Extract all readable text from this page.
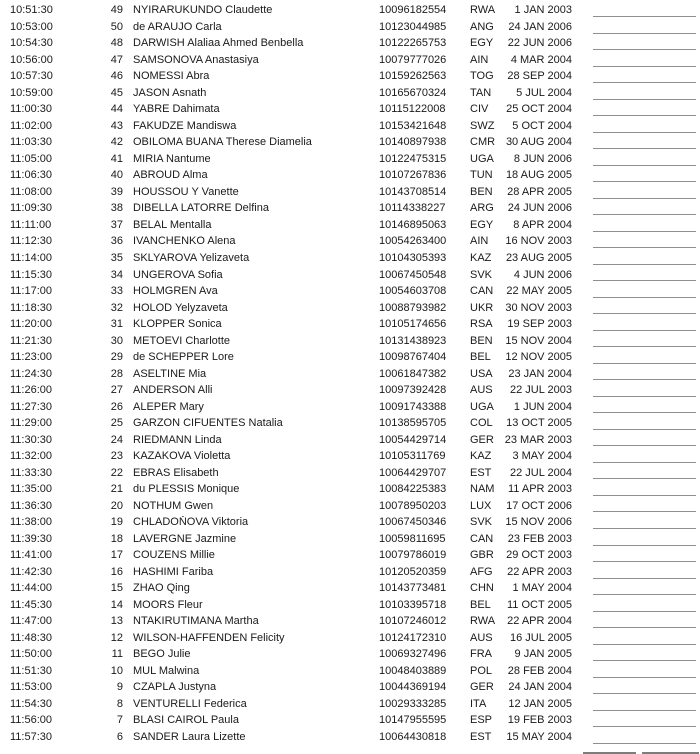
10:51:30	49 NYIRARUKUNDO Claudette	10096182554	RWA	1 JAN 2003
10:53:00	50 de ARAUJO Carla	10123044985	ANG	24 JAN 2006
10:54:30	48 DARWISH Alaliaa Ahmed Benbella	10122265753	EGY	22 JUN 2006
10:56:00	47 SAMSONOVA Anastasiya	10079777026	AIN	4 MAR 2004
10:57:30	46 NOMESSI Abra	10159262563	TOG	28 SEP 2004
10:59:00	45 JASON Asnath	10165670324	TAN	5 JUL 2004
11:00:30	44 YABRE Dahimata	10115122008	CIV	25 OCT 2004
11:02:00	43 FAKUDZE Mandiswa	10153421648	SWZ	5 OCT 2004
11:03:30	42 OBILOMA BUANA Therese Diamelia	10140897938	CMR 30 AUG 2004
11:05:00	41 MIRIA Nantume	10122475315	UGA	8 JUN 2006
11:06:30	40 ABROUD Alma	10107267836	TUN	18 AUG 2005
11:08:00	39 HOUSSOU Y Vanette	10143708514	BEN	28 APR 2005
11:09:30	38 DIBELLA LATORRE Delfina	10114338227	ARG	24 JUN 2006
11:11:00	37 BELAL Mentalla	10146895063	EGY	8 APR 2004
11:12:30	36 IVANCHENKO Alena	10054263400	AIN	16 NOV 2003
11:14:00	35 SKLYAROVA Yelizaveta	10104305393	KAZ	23 AUG 2005
11:15:30	34 UNGEROVA Sofia	10067450548	SVK	4 JUN 2006
11:17:00	33 HOLMGREN Ava	10054603708	CAN	22 MAY 2005
11:18:30	32 HOLOD Yelyzaveta	10088793982	UKR	30 NOV 2003
11:20:00	31 KLOPPER Sonica	10105174656	RSA	19 SEP 2003
11:21:30	30 METOEVI Charlotte	10131438923	BEN	15 NOV 2004
11:23:00	29 de SCHEPPER Lore	10098767404	BEL	12 NOV 2005
11:24:30	28 ASELTINE Mia	10061847382	USA	23 JAN 2004
11:26:00	27 ANDERSON Alli	10097392428	AUS	22 JUL 2003
11:27:30	26 ALEPER Mary	10091743388	UGA	1 JUN 2004
11:29:00	25 GARZON CIFUENTES Natalia	10138595705	COL	13 OCT 2005
11:30:30	24 RIEDMANN Linda	10054429714	GER 23 MAR 2003
11:32:00	23 KAZAKOVA Violetta	10105311769	KAZ	3 MAY 2004
11:33:30	22 EBRAS Elisabeth	10064429707	EST	22 JUL 2004
11:35:00	21 du PLESSIS Monique	10084225383	NAM	11 APR 2003
11:36:30	20 NOTHUM Gwen	10078950203	LUX	17 OCT 2006
11:38:00	19 CHLADOŇOVA Viktoria	10067450346	SVK	15 NOV 2006
11:39:30	18 LAVERGNE Jazmine	10059811695	CAN	23 FEB 2003
11:41:00	17 COUZENS Millie	10079786019	GBR	29 OCT 2003
11:42:30	16 HASHIMI Fariba	10120520359	AFG	22 APR 2003
11:44:00	15 ZHAO Qing	10143773481	CHN	1 MAY 2004
11:45:30	14 MOORS Fleur	10103395718	BEL	11 OCT 2005
11:47:00	13 NTAKIRUTIMANA Martha	10107246012	RWA	22 APR 2004
11:48:30	12 WILSON-HAFFENDEN Felicity	10124172310	AUS	16 JUL 2005
11:50:00	11 BEGO Julie	10069327496	FRA	9 JAN 2005
11:51:30	10 MUL Malwina	10048403889	POL	28 FEB 2004
11:53:00	9 CZAPLA Justyna	10044369194	GER	24 JAN 2004
11:54:30	8 VENTURELLI Federica	10029333285	ITA	12 JAN 2005
11:56:00	7 BLASI CAIROL Paula	10147955595	ESP	19 FEB 2003
11:57:30	6 SANDER Laura Lizette	10064430818	EST	15 MAY 2004
